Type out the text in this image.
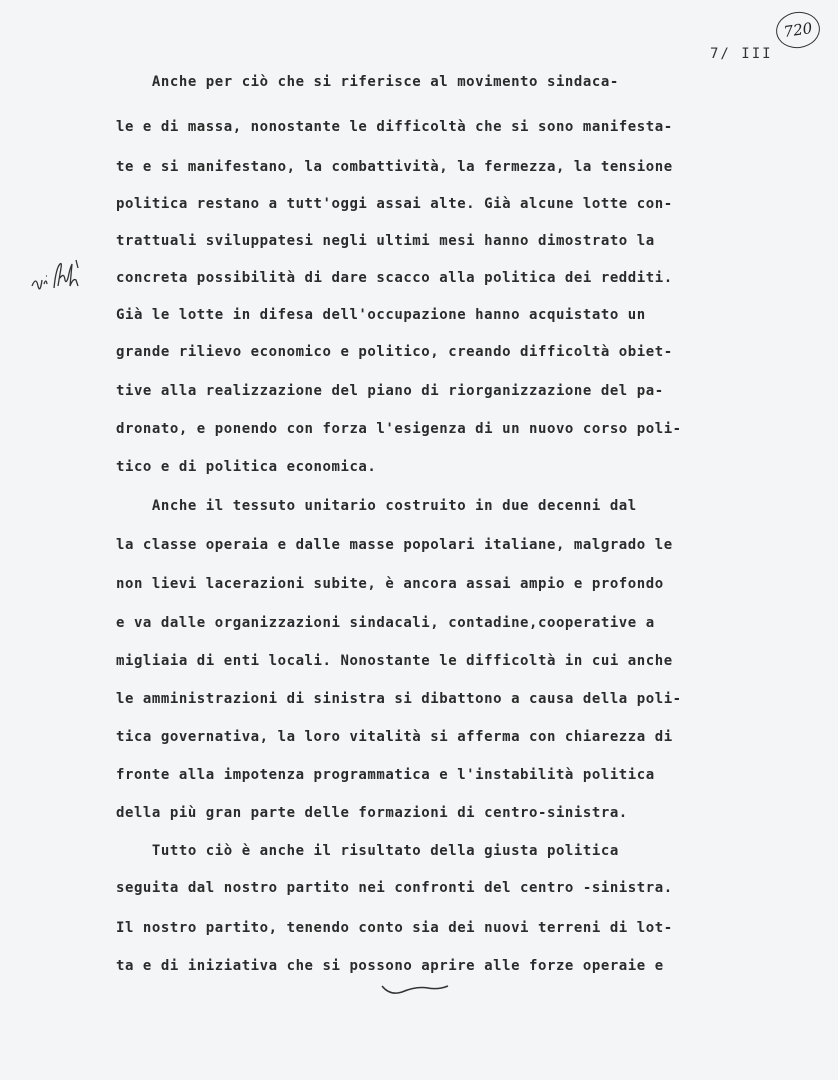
720
7/ III
Anche per ciò che si riferisce al movimento sindaca-
le e di massa, nonostante le difficoltà che si sono manifesta-
te e si manifestano, la combattività, la fermezza, la tensione
politica restano a tutt'oggi assai alte. Già alcune lotte con-
trattuali sviluppatesi negli ultimi mesi hanno dimostrato la
concreta possibilità di dare scacco alla politica dei redditi.
Già le lotte in difesa dell'occupazione hanno acquistato un
grande rilievo economico e politico, creando difficoltà obiet-
tive alla realizzazione del piano di riorganizzazione del pa-
dronato, e ponendo con forza l'esigenza di un nuovo corso poli-
tico e di politica economica.
Anche il tessuto unitario costruito in due decenni dal
la classe operaia e dalle masse popolari italiane, malgrado le
non lievi lacerazioni subite, è ancora assai ampio e profondo
e va dalle organizzazioni sindacali, contadine,cooperative a
migliaia di enti locali. Nonostante le difficoltà in cui anche
le amministrazioni di sinistra si dibattono a causa della poli-
tica governativa, la loro vitalità si afferma con chiarezza di
fronte alla impotenza programmatica e l'instabilità politica
della più gran parte delle formazioni di centro-sinistra.
Tutto ciò è anche il risultato della giusta politica
seguita dal nostro partito nei confronti del centro -sinistra.
Il nostro partito, tenendo conto sia dei nuovi terreni di lot-
ta e di iniziativa che si possono aprire alle forze operaie e
